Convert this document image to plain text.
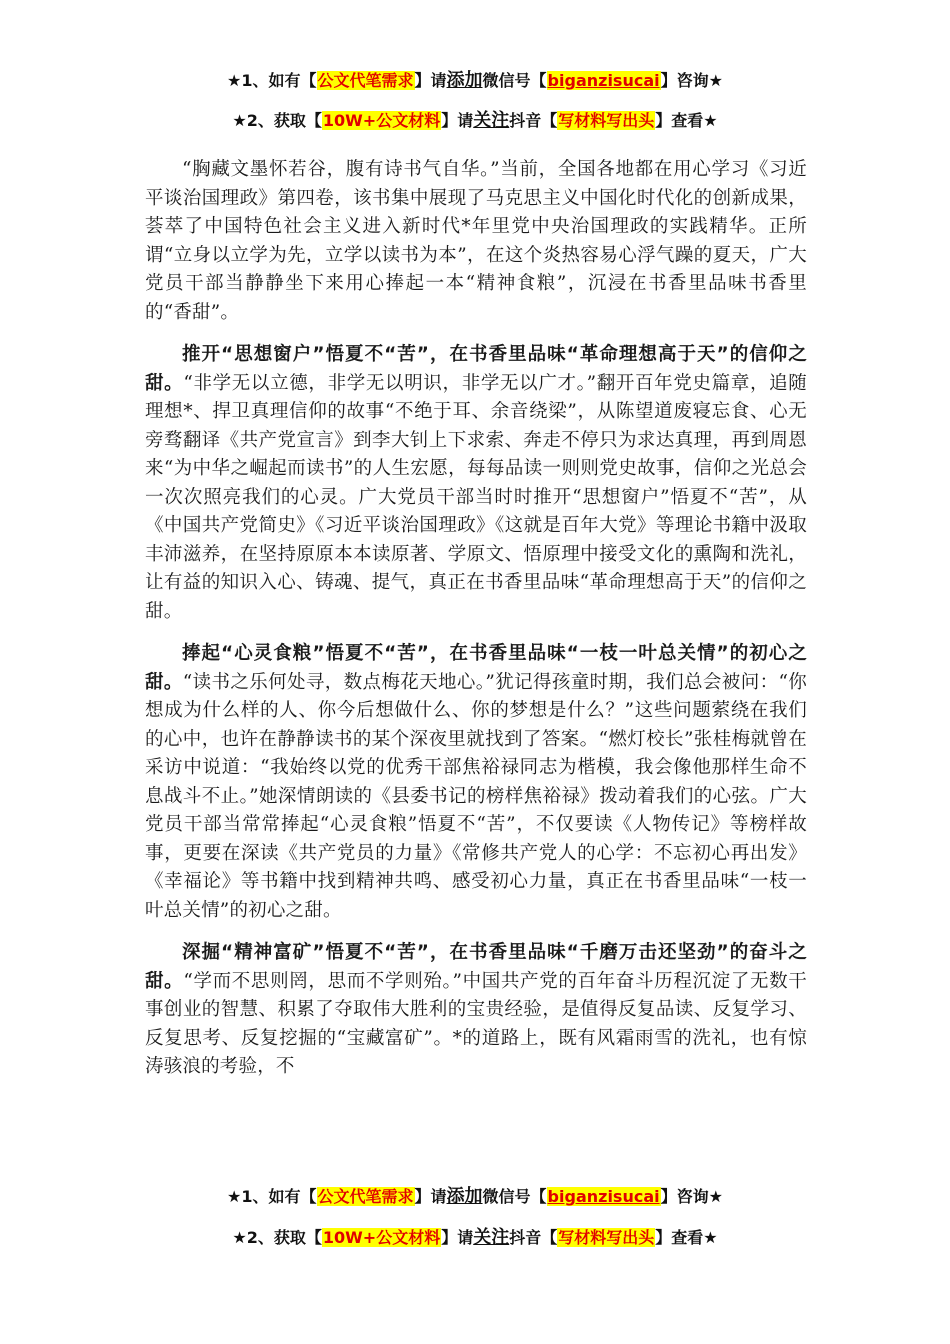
★1、如有【公文代笔需求】请添加微信号【biganzisucai】咨询★
★2、获取【10W+公文材料】请关注抖音【写材料写出头】查看★

“胸藏文墨怀若谷，腹有诗书气自华。”当前，全国各地都在用心学习《习近平谈治国理政》第四卷，该书集中展现了马克思主义中国化时代化的创新成果，荟萃了中国特色社会主义进入新时代*年里党中央治国理政的实践精华。正所谓“立身以立学为先，立学以读书为本”，在这个炎热容易心浮气躁的夏天，广大党员干部当静静坐下来用心捧起一本“精神食粮”，沉浸在书香里品味书香里的“香甜”。

推开“思想窗户”悟夏不“苦”，在书香里品味“革命理想高于天”的信仰之甜。“非学无以立德，非学无以明识，非学无以广才。”翻开百年党史篇章，追随理想*、捍卫真理信仰的故事“不绝于耳、余音绕梁”，从陈望道废寝忘食、心无旁骛翻译《共产党宣言》到李大钊上下求索、奔走不停只为求达真理，再到周恩来“为中华之崛起而读书”的人生宏愿，每每品读一则则党史故事，信仰之光总会一次次照亮我们的心灵。广大党员干部当时时推开“思想窗户”悟夏不“苦”，从《中国共产党简史》《习近平谈治国理政》《这就是百年大党》等理论书籍中汲取丰沛滋养，在坚持原原本本读原著、学原文、悟原理中接受文化的熏陶和洗礼，让有益的知识入心、铸魂、提气，真正在书香里品味“革命理想高于天”的信仰之甜。

捧起“心灵食粮”悟夏不“苦”，在书香里品味“一枝一叶总关情”的初心之甜。“读书之乐何处寻，数点梅花天地心。”犹记得孩童时期，我们总会被问：“你想成为什么样的人、你今后想做什么、你的梦想是什么？”这些问题萦绕在我们的心中，也许在静静读书的某个深夜里就找到了答案。“燃灯校长”张桂梅就曾在采访中说道：“我始终以党的优秀干部焦裕禄同志为楷模，我会像他那样生命不息战斗不止。”她深情朗读的《县委书记的榜样焦裕禄》拨动着我们的心弦。广大党员干部当常常捧起“心灵食粮”悟夏不“苦”，不仅要读《人物传记》等榜样故事，更要在深读《共产党员的力量》《常修共产党人的心学：不忘初心再出发》《幸福论》等书籍中找到精神共鸣、感受初心力量，真正在书香里品味“一枝一叶总关情”的初心之甜。

深掘“精神富矿”悟夏不“苦”，在书香里品味“千磨万击还坚劲”的奋斗之甜。“学而不思则罔，思而不学则殆。”中国共产党的百年奋斗历程沉淀了无数干事创业的智慧、积累了夺取伟大胜利的宝贵经验，是值得反复品读、反复学习、反复思考、反复挖掘的“宝藏富矿”。*的道路上，既有风霜雨雪的洗礼，也有惊涛骇浪的考验，不

★1、如有【公文代笔需求】请添加微信号【biganzisucai】咨询★
★2、获取【10W+公文材料】请关注抖音【写材料写出头】查看★
